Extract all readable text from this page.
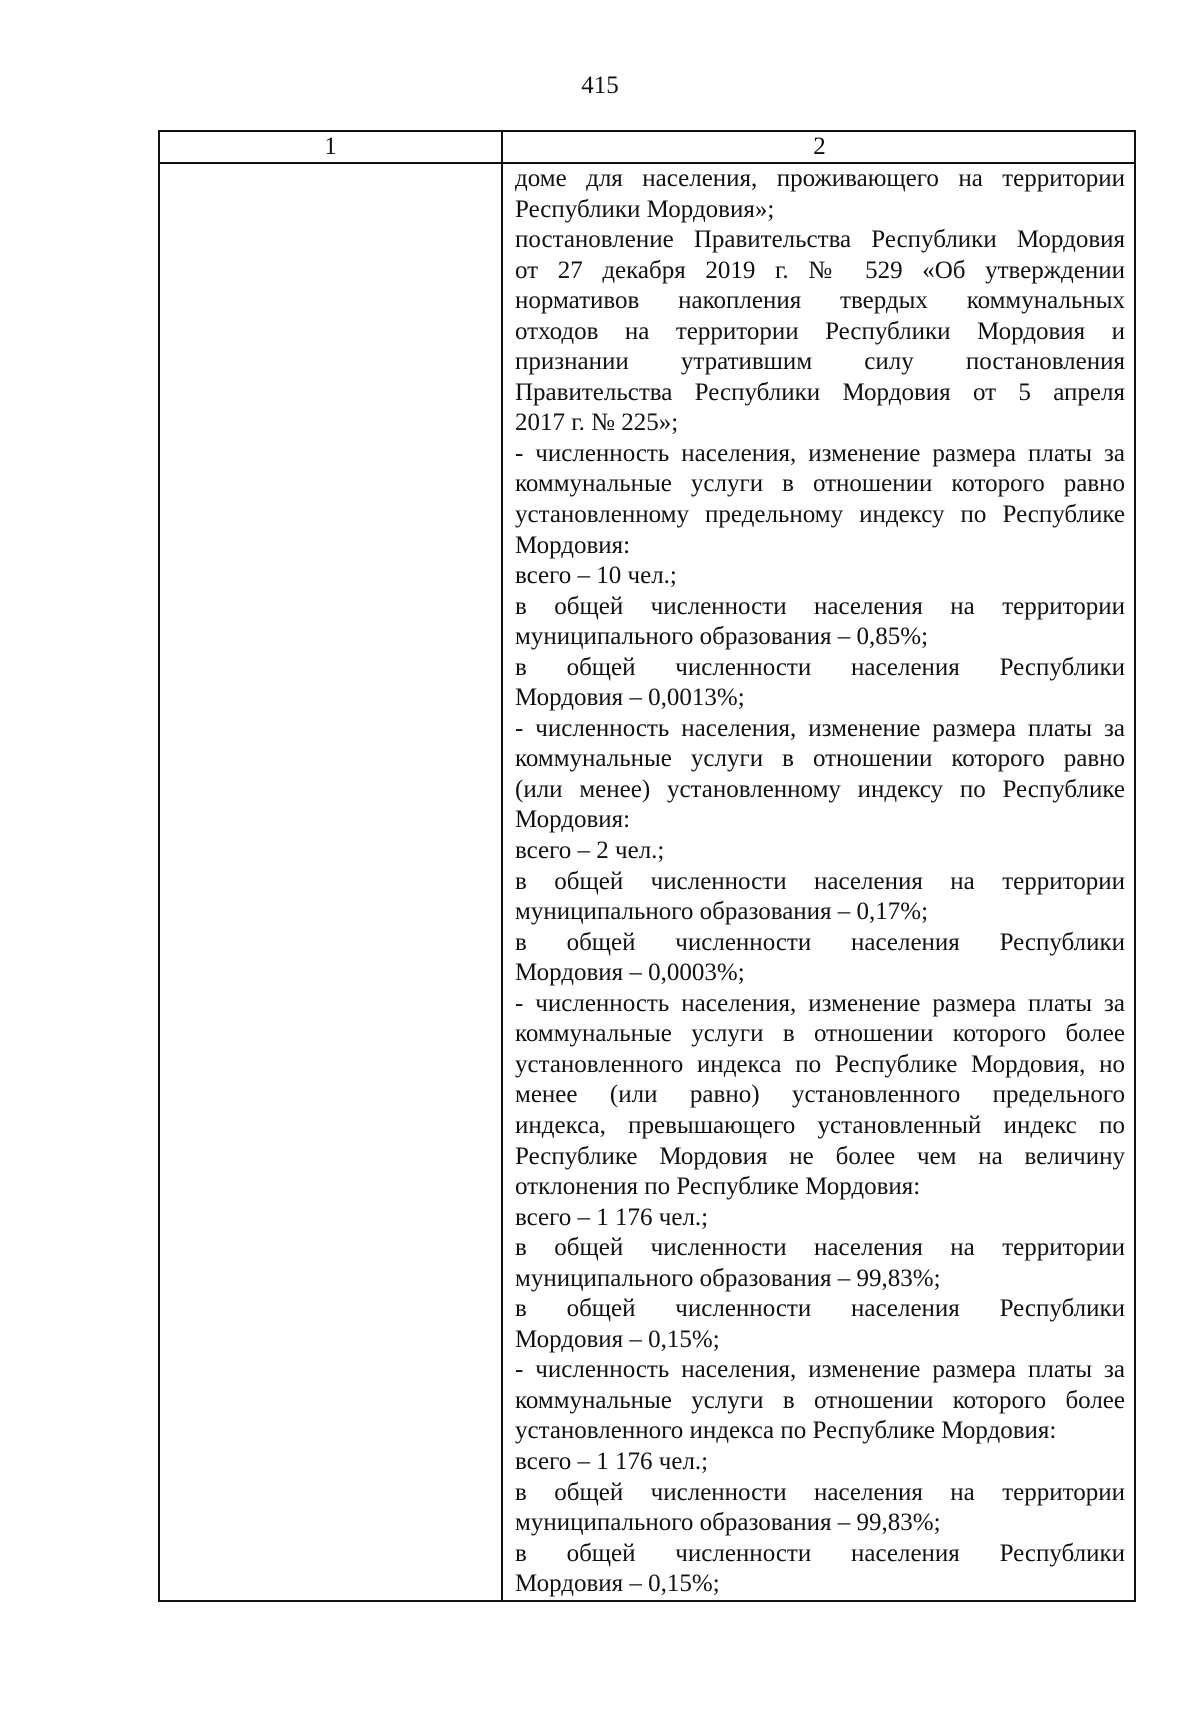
415
1	2
доме для населения, проживающего на территории
Республики Мордовия»;
постановление Правительства Республики Мордовия
от 27 декабря 2019 г. № 529 «Об утверждении
нормативов накопления твердых коммунальных
отходов на территории Республики Мордовия и
признании утратившим силу постановления
Правительства Республики Мордовия от 5 апреля
2017 г. № 225»;
- численность населения, изменение размера платы за
коммунальные услуги в отношении которого равно
установленному предельному индексу по Республике
Мордовия:
всего – 10 чел.;
в общей численности населения на территории
муниципального образования – 0,85%;
в общей численности населения Республики
Мордовия – 0,0013%;
- численность населения, изменение размера платы за
коммунальные услуги в отношении которого равно
(или менее) установленному индексу по Республике
Мордовия:
всего – 2 чел.;
в общей численности населения на территории
муниципального образования – 0,17%;
в общей численности населения Республики
Мордовия – 0,0003%;
- численность населения, изменение размера платы за
коммунальные услуги в отношении которого более
установленного индекса по Республике Мордовия, но
менее (или равно) установленного предельного
индекса, превышающего установленный индекс по
Республике Мордовия не более чем на величину
отклонения по Республике Мордовия:
всего – 1 176 чел.;
в общей численности населения на территории
муниципального образования – 99,83%;
в общей численности населения Республики
Мордовия – 0,15%;
- численность населения, изменение размера платы за
коммунальные услуги в отношении которого более
установленного индекса по Республике Мордовия:
всего – 1 176 чел.;
в общей численности населения на территории
муниципального образования – 99,83%;
в общей численности населения Республики
Мордовия – 0,15%;
